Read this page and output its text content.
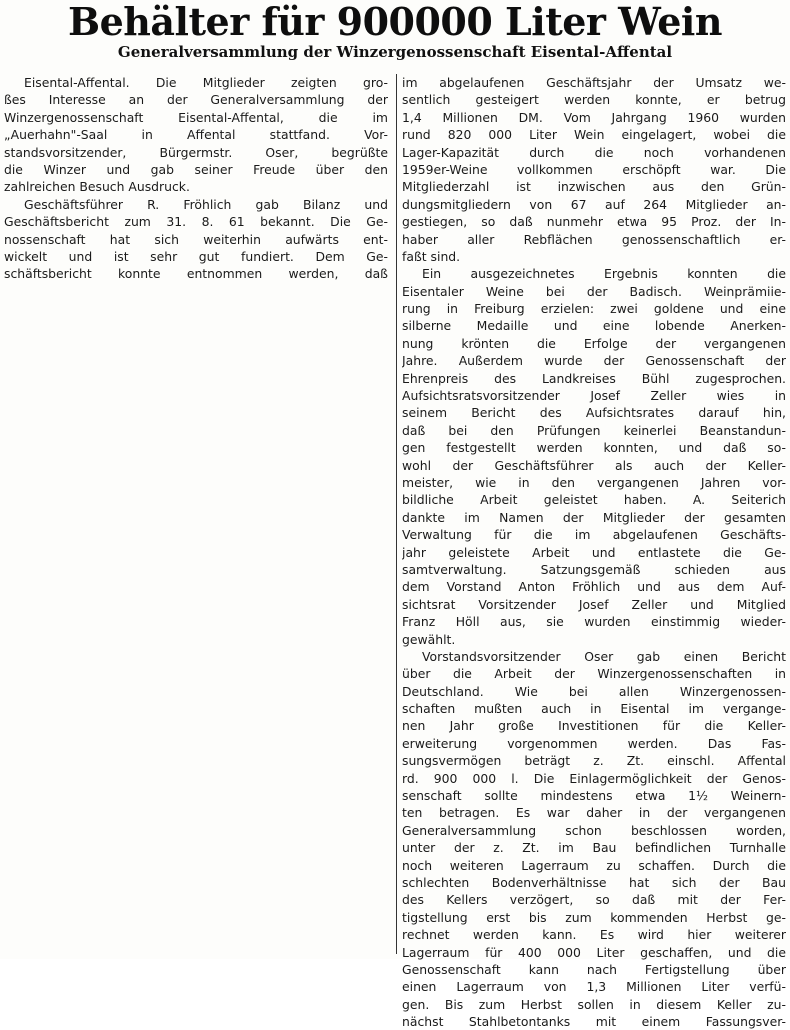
Behälter für 900000 Liter Wein
Generalversammlung der Winzergenossenschaft Eisental-Affental
Eisental-Affental. Die Mitglieder zeigten gro-
ßes Interesse an der Generalversammlung der
Winzergenossenschaft Eisental-Affental, die im
„Auerhahn"-Saal in Affental stattfand. Vor-
standsvorsitzender, Bürgermstr. Oser, begrüßte
die Winzer und gab seiner Freude über den
zahlreichen Besuch Ausdruck.
Geschäftsführer R. Fröhlich gab Bilanz und
Geschäftsbericht zum 31. 8. 61 bekannt. Die Ge-
nossenschaft hat sich weiterhin aufwärts ent-
wickelt und ist sehr gut fundiert. Dem Ge-
schäftsbericht konnte entnommen werden, daß
im abgelaufenen Geschäftsjahr der Umsatz we-
sentlich gesteigert werden konnte, er betrug
1,4 Millionen DM. Vom Jahrgang 1960 wurden
rund 820 000 Liter Wein eingelagert, wobei die
Lager-Kapazität durch die noch vorhandenen
1959er-Weine vollkommen erschöpft war. Die
Mitgliederzahl ist inzwischen aus den Grün-
dungsmitgliedern von 67 auf 264 Mitglieder an-
gestiegen, so daß nunmehr etwa 95 Proz. der In-
haber aller Rebflächen genossenschaftlich er-
faßt sind.
Ein ausgezeichnetes Ergebnis konnten die
Eisentaler Weine bei der Badisch. Weinprämiie-
rung in Freiburg erzielen: zwei goldene und eine
silberne Medaille und eine lobende Anerken-
nung krönten die Erfolge der vergangenen
Jahre. Außerdem wurde der Genossenschaft der
Ehrenpreis des Landkreises Bühl zugesprochen.
Aufsichtsratsvorsitzender Josef Zeller wies in
seinem Bericht des Aufsichtsrates darauf hin,
daß bei den Prüfungen keinerlei Beanstandun-
gen festgestellt werden konnten, und daß so-
wohl der Geschäftsführer als auch der Keller-
meister, wie in den vergangenen Jahren vor-
bildliche Arbeit geleistet haben. A. Seiterich
dankte im Namen der Mitglieder der gesamten
Verwaltung für die im abgelaufenen Geschäfts-
jahr geleistete Arbeit und entlastete die Ge-
samtverwaltung. Satzungsgemäß schieden aus
dem Vorstand Anton Fröhlich und aus dem Auf-
sichtsrat Vorsitzender Josef Zeller und Mitglied
Franz Höll aus, sie wurden einstimmig wieder-
gewählt.
Vorstandsvorsitzender Oser gab einen Bericht
über die Arbeit der Winzergenossenschaften in
Deutschland. Wie bei allen Winzergenossen-
schaften mußten auch in Eisental im vergange-
nen Jahr große Investitionen für die Keller-
erweiterung vorgenommen werden. Das Fas-
sungsvermögen beträgt z. Zt. einschl. Affental
rd. 900 000 l. Die Einlagermöglichkeit der Genos-
senschaft sollte mindestens etwa 1½ Weinern-
ten betragen. Es war daher in der vergangenen
Generalversammlung schon beschlossen worden,
unter der z. Zt. im Bau befindlichen Turnhalle
noch weiteren Lagerraum zu schaffen. Durch die
schlechten Bodenverhältnisse hat sich der Bau
des Kellers verzögert, so daß mit der Fer-
tigstellung erst bis zum kommenden Herbst ge-
rechnet werden kann. Es wird hier weiterer
Lagerraum für 400 000 Liter geschaffen, und die
Genossenschaft kann nach Fertigstellung über
einen Lagerraum von 1,3 Millionen Liter verfü-
gen. Bis zum Herbst sollen in diesem Keller zu-
nächst Stahlbetontanks mit einem Fassungsver-
